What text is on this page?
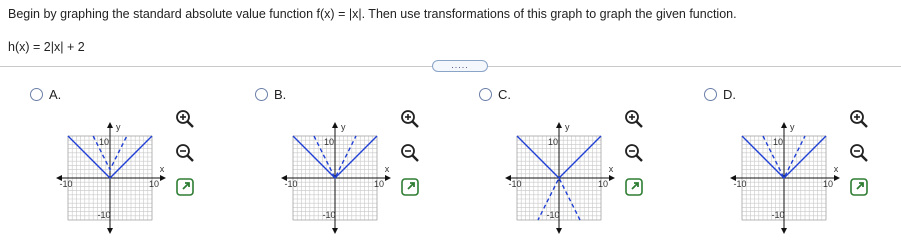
Begin by graphing the standard absolute value function f(x) = |x|. Then use transformations of this graph to graph the given function.
h(x) = 2|x| + 2
.....
A.
-10	10
10
-10
x
y
B.
-10	10
10
-10
x
y
C.
-10	10
10
-10
x
y
D.
-10	10
10
-10
x
y
